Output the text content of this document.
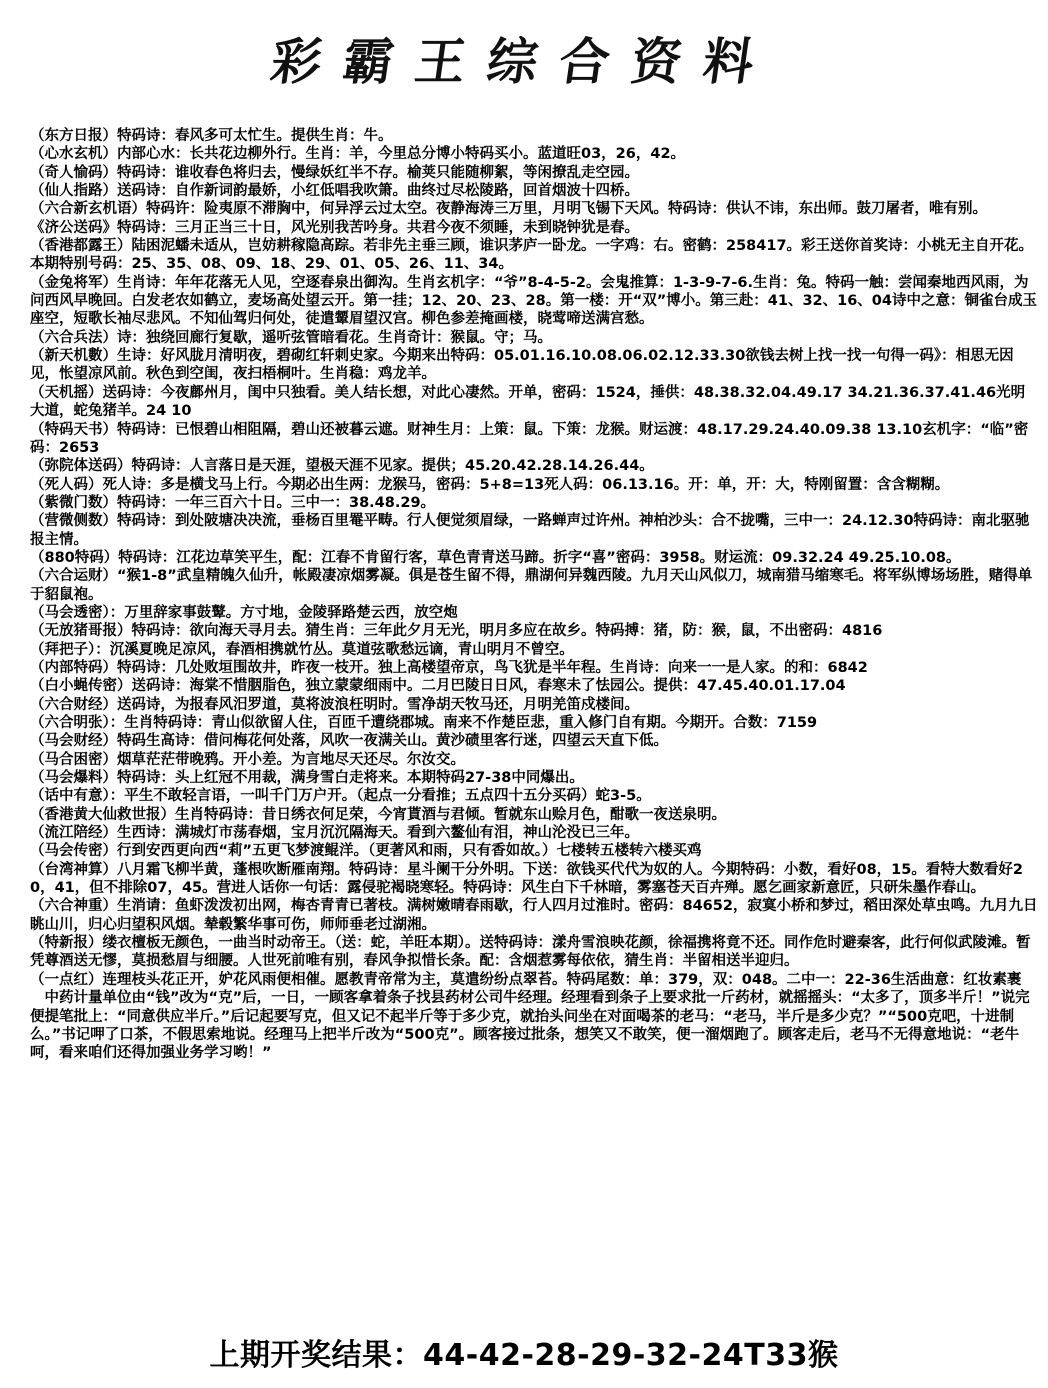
彩霸王综合资料

（东方日报）特码诗：春风多可太忙生。提供生肖：牛。

（心水玄机）内部心水：长共花边柳外行。生肖：羊，今里总分博小特码买小。蓝道旺03，26，42。

（奇人愉码）特码诗：谁收春色将归去，慢绿妖红半不存。榆荚只能随柳絮，等闲撩乱走空园。

（仙人指路）送码诗：自作新词韵最娇，小红低唱我吹箫。曲终过尽松陵路，回首烟波十四桥。

（六合新玄机语）特码许：险夷原不滞胸中，何异浮云过太空。夜静海涛三万里，月明飞锡下天风。特码诗：供认不讳，东出师。鼓刀屠者，唯有别。

《济公送码》特码诗：三月正当三十日，风光别我苦吟身。共君今夜不须睡，未到晓钟犹是春。

（香港都露王）陆困泥蟠未适从，岂妨耕稼隐高踪。若非先主垂三顾，谁识茅庐一卧龙。一字鸡：右。密鹤：258417。彩王送你首奖诗：小桃无主自开花。本期特别号码：25、35、08、09、18、29、01、05、26、11、34。

（金兔将军）生肖诗：年年花落无人见，空逐春泉出御沟。生肖玄机字：“爷”8-4-5-2。会鬼推算：1-3-9-7-6.生肖：兔。特码一触：尝闻秦地西风雨，为问西风早晚回。白发老农如鹤立，麦场高处望云开。第一挂；12、20、23、28。第一楼：开“双”博小。第三赴：41、32、16、04诗中之意：铜雀台成玉座空，短歌长袖尽悲风。不知仙驾归何处，徒遣颦眉望汉宫。柳色参差掩画楼，晓莺啼送满宫愁。

（六合兵法）诗：独绕回廊行复歇，遥听弦管暗看花。生肖奇计：猴鼠。守；马。

（新天机數）生诗：好风胧月清明夜，碧砌红轩刺史家。今期来出特码：05.01.16.10.08.06.02.12.33.30欲钱去树上找一找一句得一码》：相思无因见，怅望凉风前。秋色到空闺，夜扫梧桐叶。生肖稳：鸡龙羊。

（天机摇）送码诗：今夜鄜州月，闺中只独看。美人结长想，对此心凄然。开单，密码：1524，捶供：48.38.32.04.49.17 34.21.36.37.41.46光明大道，蛇兔猪羊。24 10

（特码天书）特码诗：已恨碧山相阻隔，碧山还被暮云遮。财神生月：上策：鼠。下策：龙猴。财运渡：48.17.29.24.40.09.38 13.10玄机字：“临”密码：2653

（弥院体送码）特码诗：人言落日是天涯，望极天涯不见家。提供；45.20.42.28.14.26.44。

（死人码）死人诗：多是横戈马上行。今期必出生两：龙猴马，密码：5+8=13死人码：06.13.16。开：单，开：大，特刚留置：含含糊糊。

（紫微门数）特码诗：一年三百六十日。三中一：38.48.29。

（营微侧数）特码诗：到处陂塘决决流，垂杨百里罨平畴。行人便觉须眉绿，一路蝉声过许州。神柏沙头：合不拢嘴，三中一：24.12.30特码诗：南北驱驰报主情。

（880特码）特码诗：江花边草笑平生，配：江春不肯留行客，草色青青送马蹄。折字“喜”密码：3958。财运流：09.32.24 49.25.10.08。

（六合运财）“猴1-8”武皇精魄久仙升，帐殿凄凉烟雾凝。俱是苍生留不得，鼎湖何异魏西陵。九月天山风似刀，城南猎马缩寒毛。将军纵博场场胜，赌得单于貂鼠袍。

（马会透密）：万里辞家事鼓鼙。方寸地，金陵驿路楚云西，放空炮

（无放猪哥报）特码诗：欲向海天寻月去。猜生肖：三年此夕月无光，明月多应在故乡。特码搏：猪，防：猴，鼠，不出密码：4816

（拜把子）：沉溪夏晚足凉风，春酒相携就竹丛。莫道弦歌愁远谪，青山明月不曾空。

（内部特码）特码诗：几处败垣围故井，昨夜一枝开。独上高楼望帝京，鸟飞犹是半年程。生肖诗：向来一一是人家。的和：6842

（白小蝇传密）送码诗：海棠不惜胭脂色，独立蒙蒙细雨中。二月巴陵日日风，春寒未了怯园公。提供：47.45.40.01.17.04

（六合财经）送码诗，为报春风汨罗道，莫将波浪枉明时。雪净胡天牧马还，月明羌笛戍楼间。

（六合明张）：生肖特码诗：青山似欲留人住，百匝千遭绕郡城。南来不作楚臣悲，重入修门自有期。今期开。合数：7159

（马会财经）特码生高诗：借问梅花何处落，风吹一夜满关山。黄沙碛里客行迷，四望云天直下低。

（马合困密）烟草茫茫带晚鸦。开小差。为言地尽天还尽。尔汝交。

（马会爆料）特码诗：头上红冠不用裁，满身雪白走将来。本期特码27-38中同爆出。

（话中有意）：平生不敢轻言语，一叫千门万户开。（起点一分看推；五点四十五分买码）蛇3-5。

（香港黄大仙救世报）生肖特码诗：昔日绣衣何足荣，今宵貰酒与君倾。暂就东山赊月色，酣歌一夜送泉明。

（流江陪经）生西诗：满城灯市荡春烟，宝月沉沉隔海天。看到六鳌仙有泪，神山沦没已三年。

（马会传密）行到安西更向西“莉”五更飞梦渡鲲洋。（更著风和雨，只有香如故。）七楼转五楼转六楼买鸡

（台湾神算）八月霜飞柳半黄，蓬根吹断雁南翔。特码诗：星斗阑干分外明。下送：欲钱买代代为奴的人。今期特码：小数，看好08，15。看特大数看好20，41，但不排除07，45。营进人话你一句话：露侵驼褐晓寒轻。特码诗：风生白下千林暗，雾塞苍天百卉殚。愿乞画家新意匠，只研朱墨作春山。

（六合神重）生消请：鱼虾泼泼初出网，梅杏青青已著枝。满树嫩晴春雨歇，行人四月过淮时。密码：84652，寂寞小桥和梦过，稻田深处草虫鸣。九月九日眺山川，归心归望积风烟。辇毂繁华事可伤，师师垂老过湖湘。

（特新报）缕衣檀板无颜色，一曲当时动帝王。（送：蛇，羊旺本期）。送特码诗：漾舟雪浪映花颜，徐福携将竟不还。同作危时避秦客，此行何似武陵滩。暂凭尊酒送无憀，莫损愁眉与细腰。人世死前唯有别，春风争拟惜长条。配：含烟惹雾每依依，猜生肖：半留相送半迎归。

（一点红）连理枝头花正开，妒花风雨便相催。愿教青帝常为主，莫遣纷纷点翠苔。特码尾数：单：379，双：048。二中一：22-36生活曲意：红妆素裹

　中药计量单位由“钱”改为“克”后，一日，一顾客拿着条子找县药材公司牛经理。经理看到条子上要求批一斤药材，就摇摇头：“太多了，顶多半斤！”说完便提笔批上：“同意供应半斤。”后记起要写克，但又记不起半斤等于多少克，就抬头问坐在对面喝茶的老马：“老马，半斤是多少克？”“500克吧，十进制么。”书记呷了口茶，不假思索地说。经理马上把半斤改为“500克”。顾客接过批条，想笑又不敢笑，便一溜烟跑了。顾客走后，老马不无得意地说：“老牛呵，看来咱们还得加强业务学习哟！”

上期开奖结果：44-42-28-29-32-24T33猴
